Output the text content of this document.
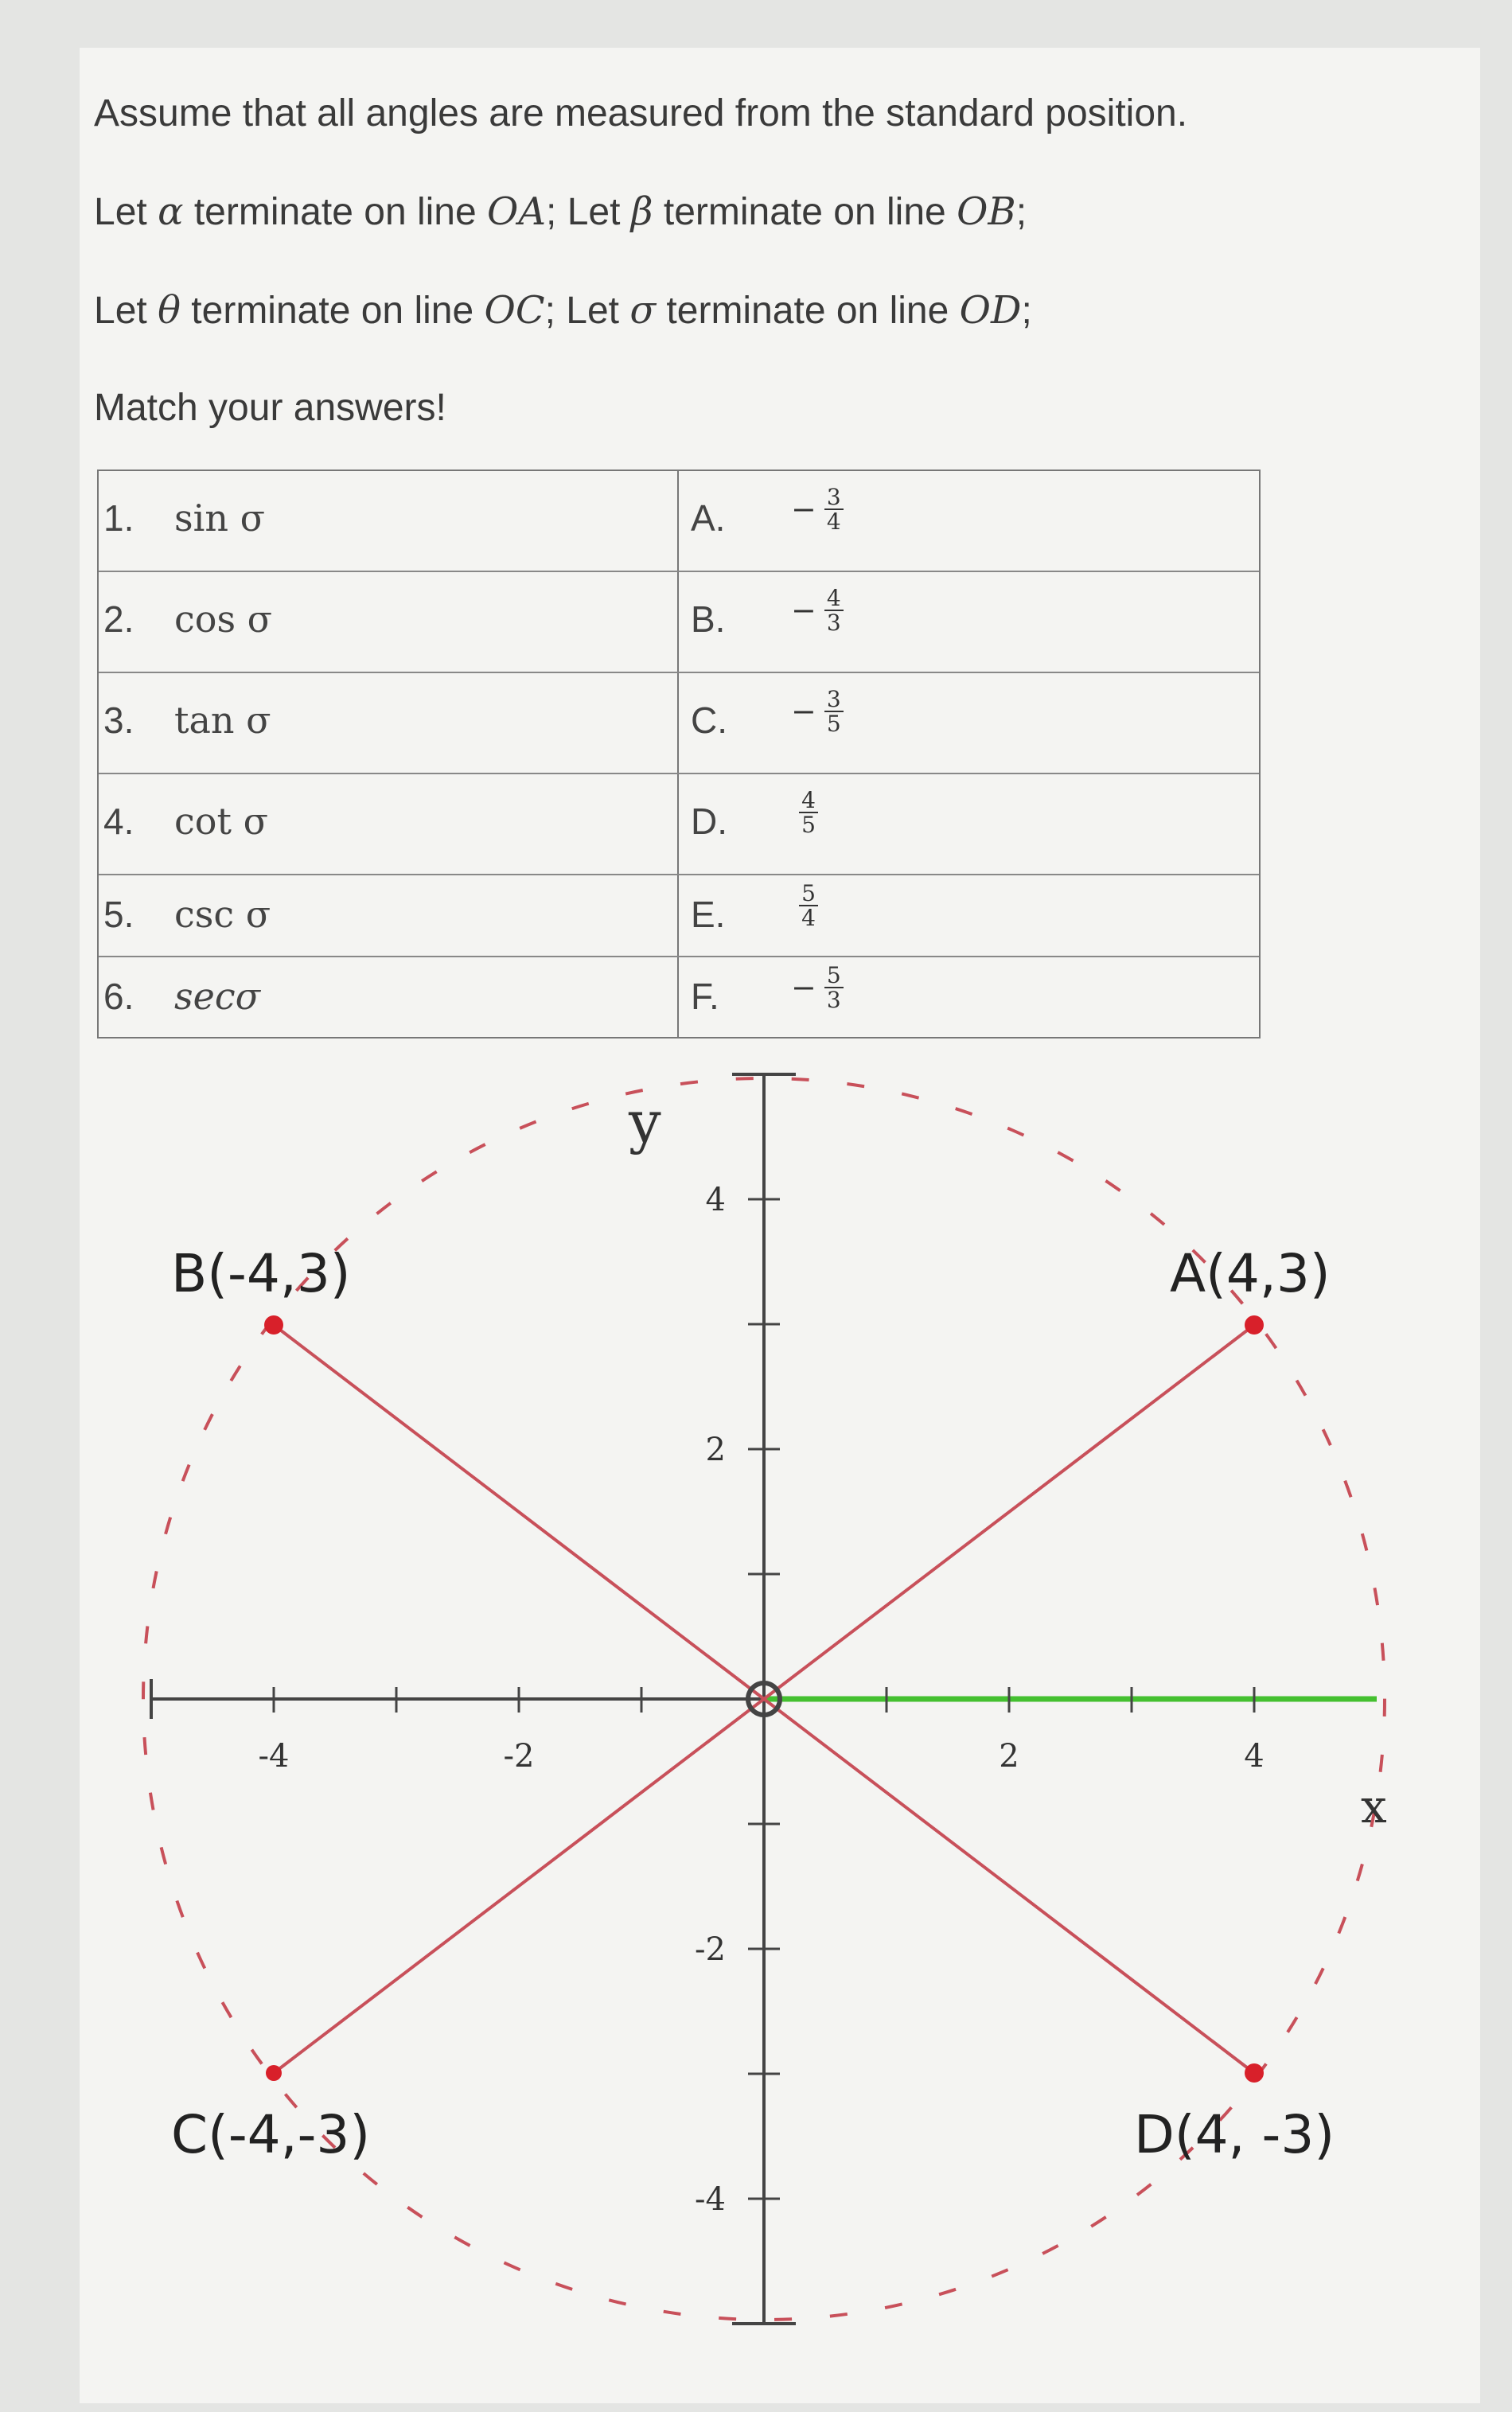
Assume that all angles are measured from the standard position.
Let α terminate on line OA; Let β terminate on line OB;
Let θ terminate on line OC; Let σ terminate on line OD;
Match your answers!
1. sin σ	A. − 3
4
2. cos σ	B. − 4
3
3. tan σ	C. − 3
5
4. cot σ	D.
4
5
5. csc σ	E.
5
4
6. secσ	F. − 5
3
-4	-2	2	4
4
2
-2
-4
y
x
A(4,3)
B(-4,3)
C(-4,-3)	D(4, -3)
